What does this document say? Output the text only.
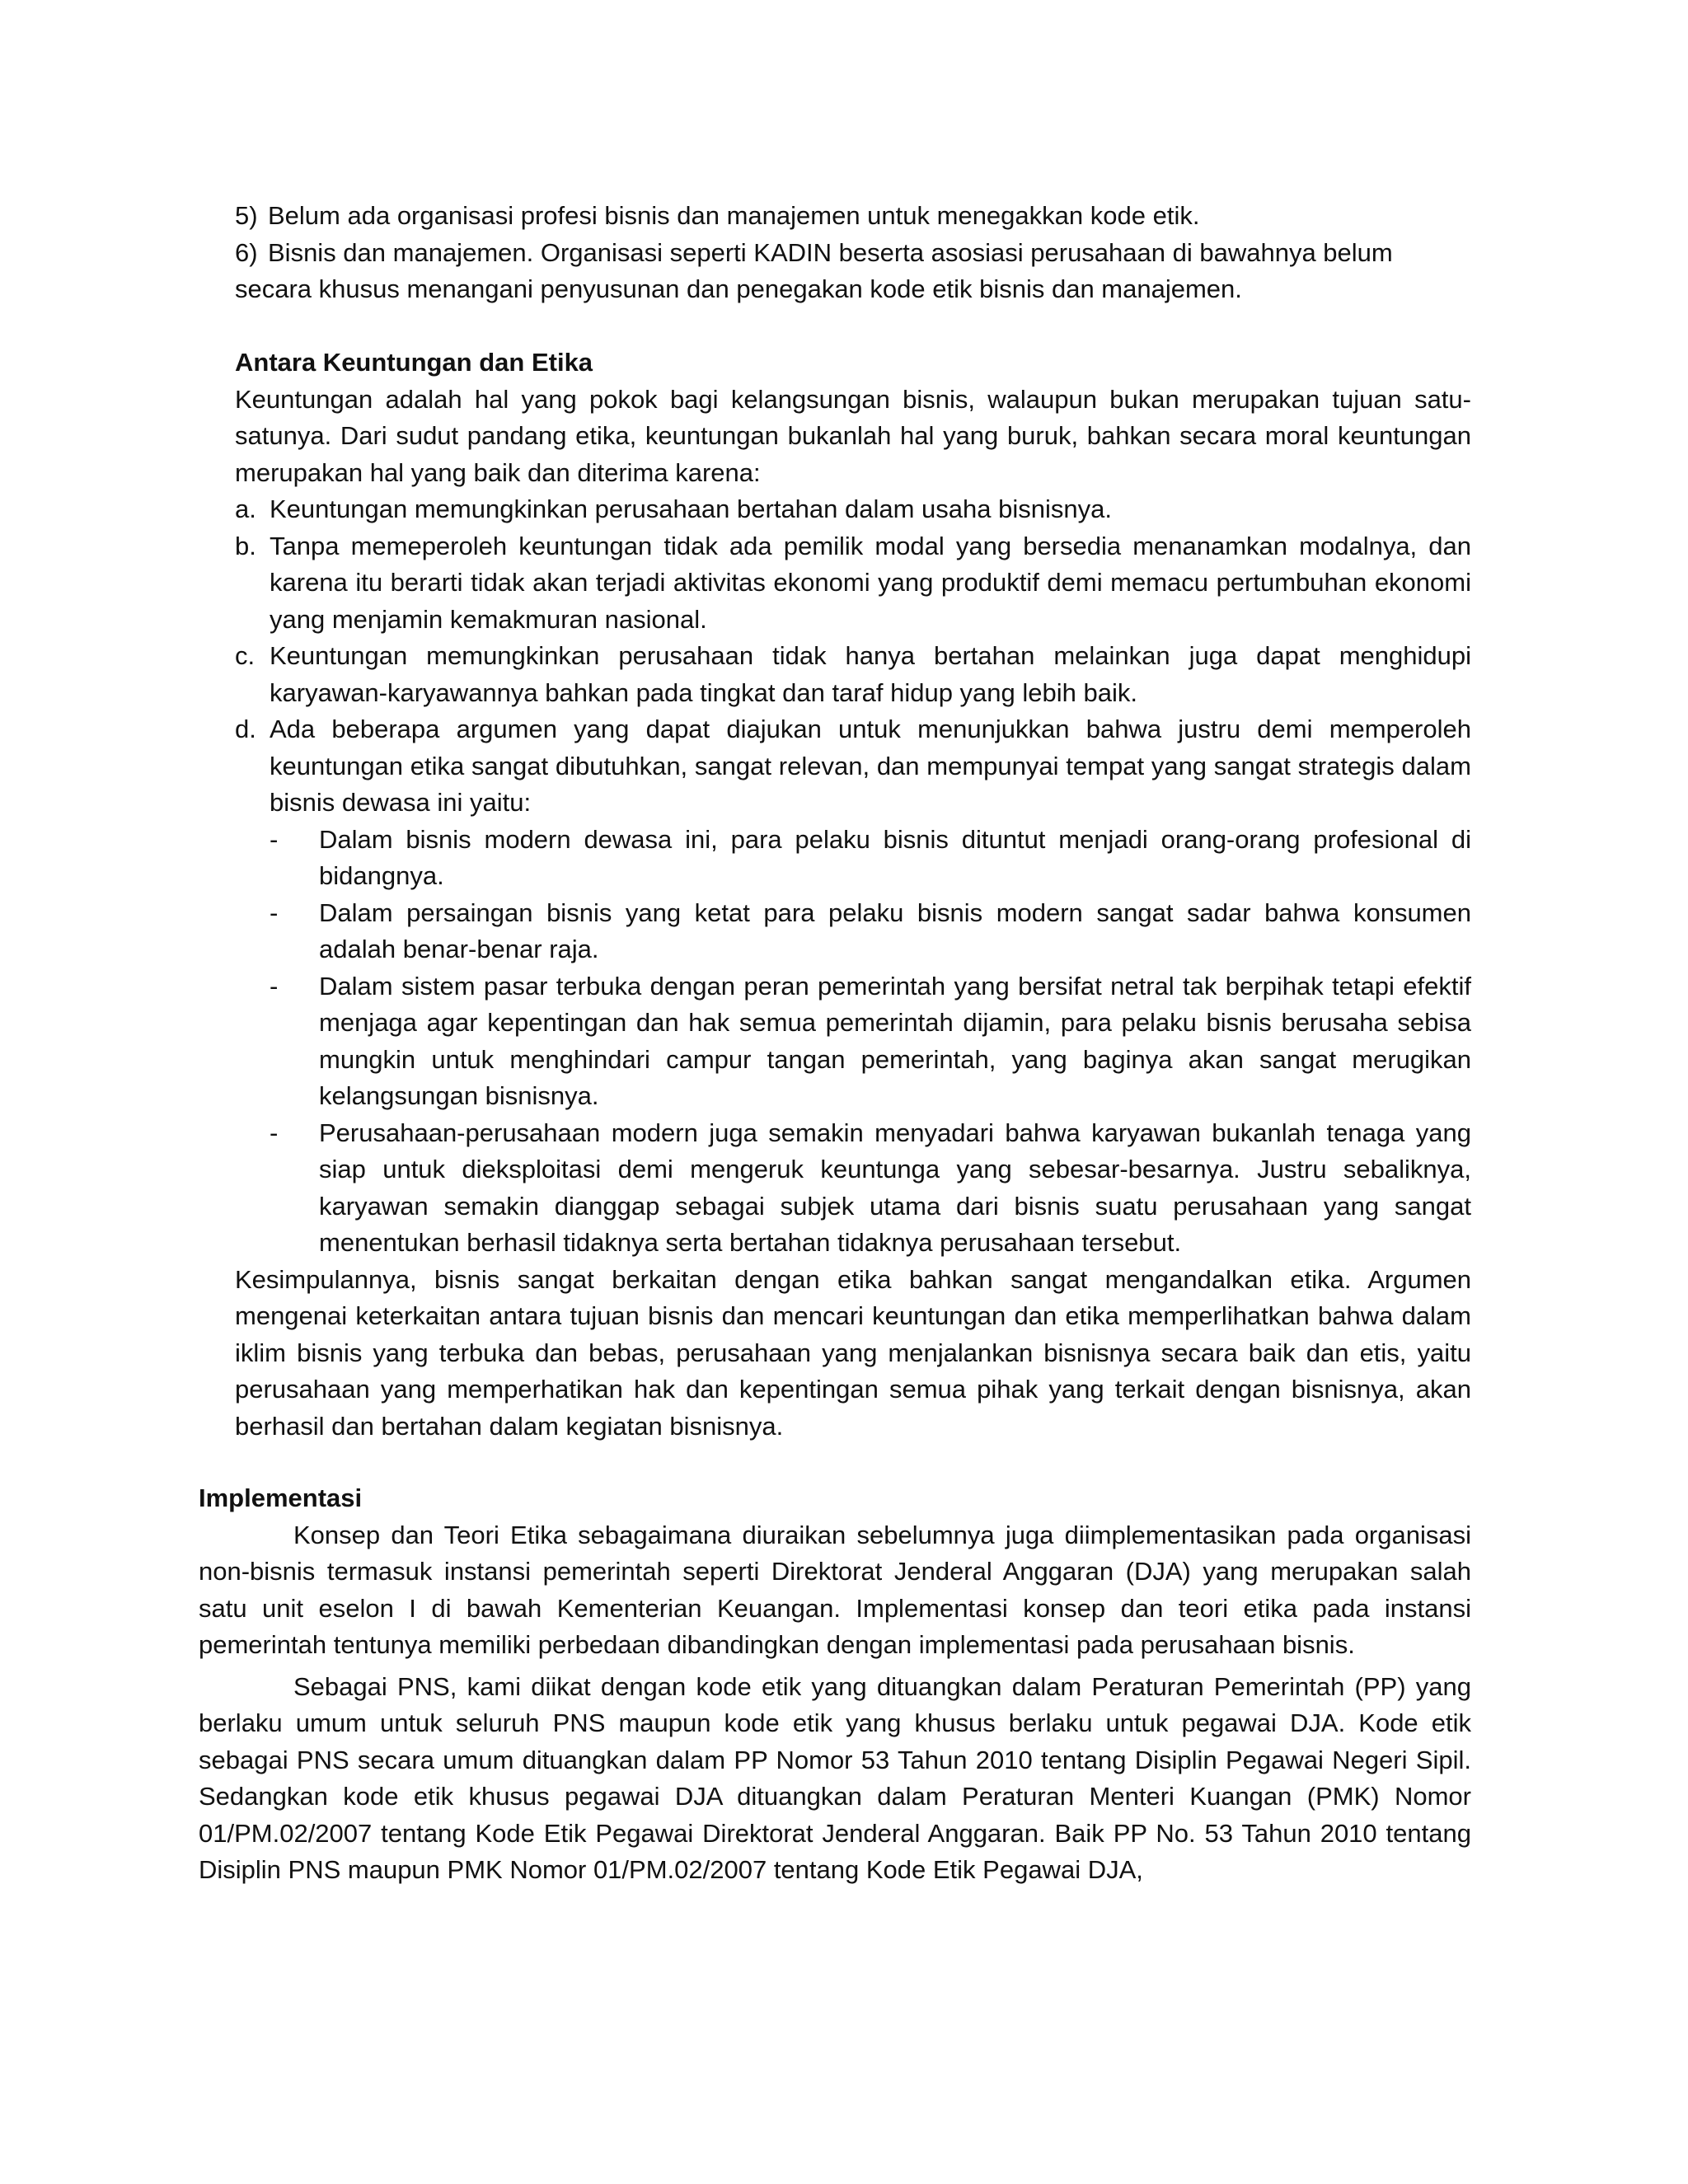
5) Belum ada organisasi profesi bisnis dan manajemen untuk menegakkan kode etik.
6) Bisnis dan manajemen. Organisasi seperti KADIN beserta asosiasi perusahaan di bawahnya belum

secara khusus menangani penyusunan dan penegakan kode etik bisnis dan manajemen.

Antara Keuntungan dan Etika

Keuntungan adalah hal yang pokok bagi kelangsungan bisnis, walaupun bukan merupakan tujuan satu-satunya. Dari sudut pandang etika, keuntungan bukanlah hal yang buruk, bahkan secara moral keuntungan merupakan hal yang baik dan diterima karena:

a. Keuntungan memungkinkan perusahaan bertahan dalam usaha bisnisnya.
b. Tanpa memeperoleh keuntungan tidak ada pemilik modal yang bersedia menanamkan modalnya, dan karena itu berarti tidak akan terjadi aktivitas ekonomi yang produktif demi memacu pertumbuhan ekonomi yang menjamin kemakmuran nasional.
c. Keuntungan memungkinkan perusahaan tidak hanya bertahan melainkan juga dapat menghidupi karyawan-karyawannya bahkan pada tingkat dan taraf hidup yang lebih baik.
d. Ada beberapa argumen yang dapat diajukan untuk menunjukkan bahwa justru demi memperoleh keuntungan etika sangat dibutuhkan, sangat relevan, dan mempunyai tempat yang sangat strategis dalam bisnis dewasa ini yaitu:
-	Dalam bisnis modern dewasa ini, para pelaku bisnis dituntut menjadi orang-orang profesional di bidangnya.
-	Dalam persaingan bisnis yang ketat para pelaku bisnis modern sangat sadar bahwa konsumen adalah benar-benar raja.
-	Dalam sistem pasar terbuka dengan peran pemerintah yang bersifat netral tak berpihak tetapi efektif menjaga agar kepentingan dan hak semua pemerintah dijamin, para pelaku bisnis berusaha sebisa mungkin untuk menghindari campur tangan pemerintah, yang baginya akan sangat merugikan kelangsungan bisnisnya.
-	Perusahaan-perusahaan modern juga semakin menyadari bahwa karyawan bukanlah tenaga yang siap untuk dieksploitasi demi mengeruk keuntunga yang sebesar-besarnya. Justru sebaliknya, karyawan semakin dianggap sebagai subjek utama dari bisnis suatu perusahaan yang sangat menentukan berhasil tidaknya serta bertahan tidaknya perusahaan tersebut.

Kesimpulannya, bisnis sangat berkaitan dengan etika bahkan sangat mengandalkan etika. Argumen mengenai keterkaitan antara tujuan bisnis dan mencari keuntungan dan etika memperlihatkan bahwa dalam iklim bisnis yang terbuka dan bebas, perusahaan yang menjalankan bisnisnya secara baik dan etis, yaitu perusahaan yang memperhatikan hak dan kepentingan semua pihak yang terkait dengan bisnisnya, akan berhasil dan bertahan dalam kegiatan bisnisnya.

Implementasi

Konsep dan Teori Etika sebagaimana diuraikan sebelumnya juga diimplementasikan pada organisasi non-bisnis termasuk instansi pemerintah seperti Direktorat Jenderal Anggaran (DJA) yang merupakan salah satu unit eselon I di bawah Kementerian Keuangan. Implementasi konsep dan teori etika pada instansi pemerintah tentunya memiliki perbedaan dibandingkan dengan implementasi pada perusahaan bisnis.

Sebagai PNS, kami diikat dengan kode etik yang dituangkan dalam Peraturan Pemerintah (PP) yang berlaku umum untuk seluruh PNS maupun kode etik yang khusus berlaku untuk pegawai DJA. Kode etik sebagai PNS secara umum dituangkan dalam PP Nomor 53 Tahun 2010 tentang Disiplin Pegawai Negeri Sipil. Sedangkan kode etik khusus pegawai DJA dituangkan dalam Peraturan Menteri Kuangan (PMK) Nomor 01/PM.02/2007 tentang Kode Etik Pegawai Direktorat Jenderal Anggaran. Baik PP No. 53 Tahun 2010 tentang Disiplin PNS maupun PMK Nomor 01/PM.02/2007 tentang Kode Etik Pegawai DJA,
